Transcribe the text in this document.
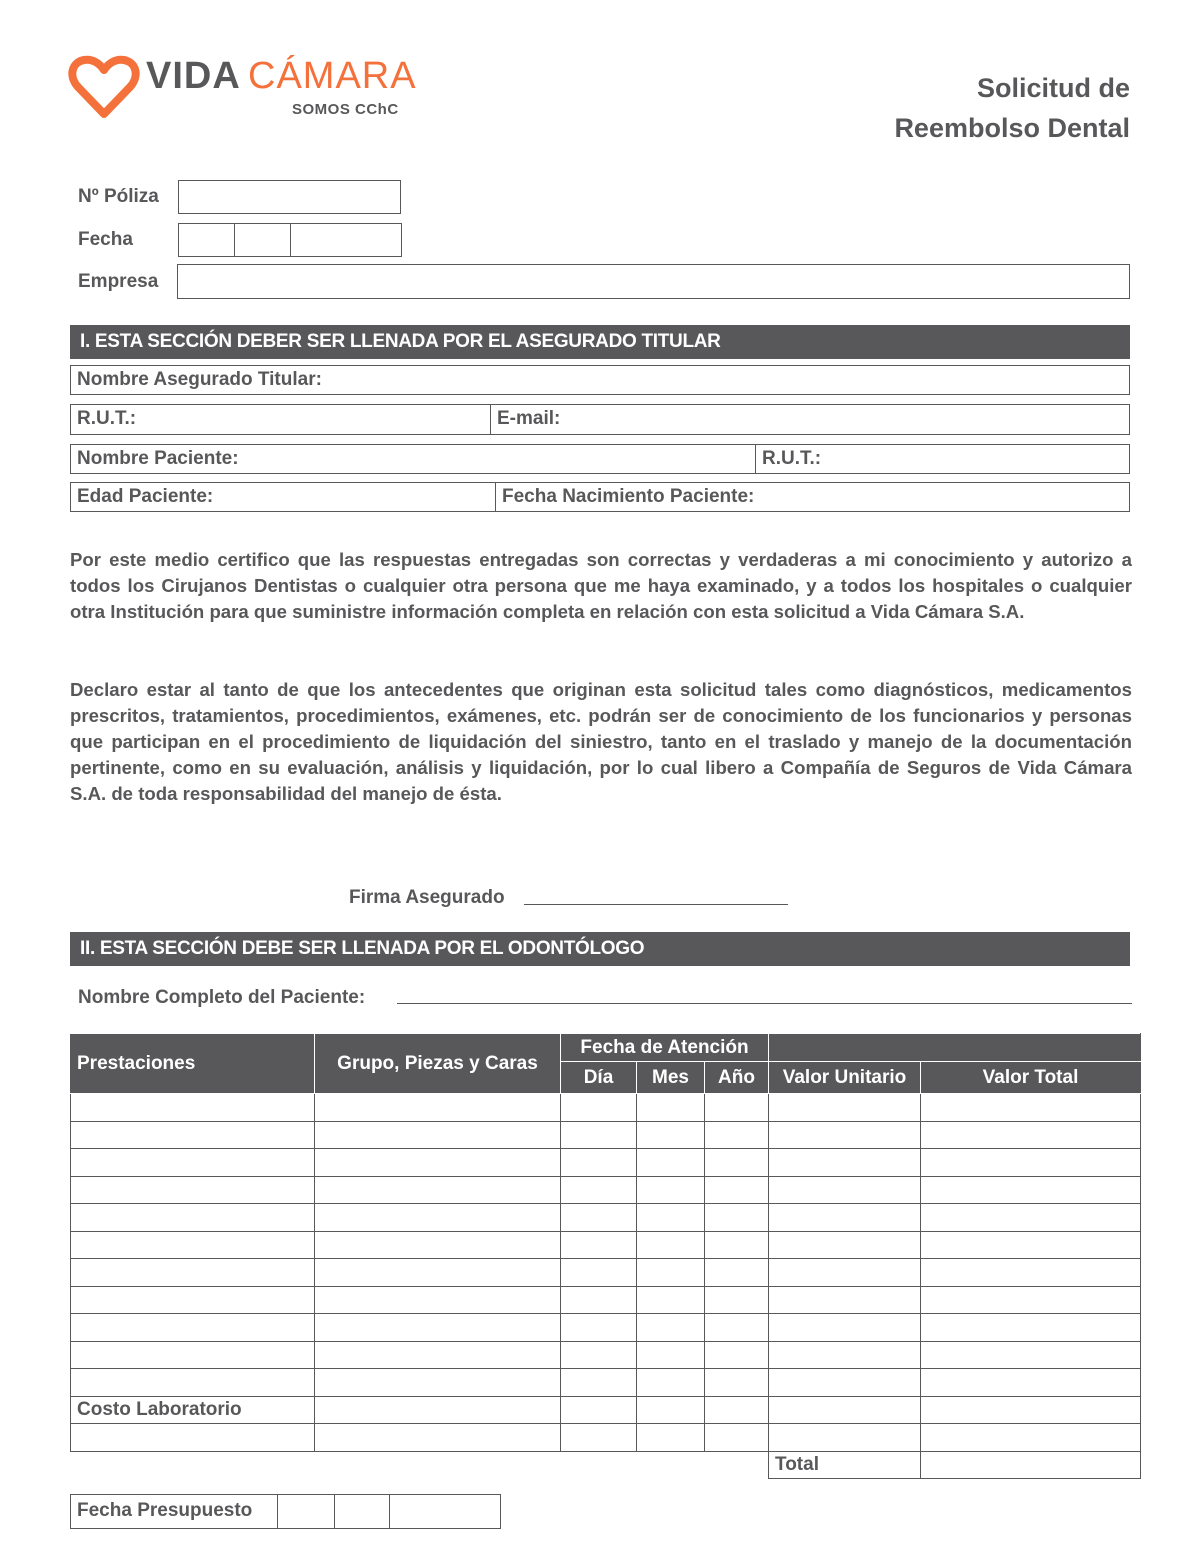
VIDA CÁMARA
SOMOS CChC
Solicitud de
Reembolso Dental
Nº Póliza
Fecha
Empresa
I. ESTA SECCIÓN DEBER SER LLENADA POR EL ASEGURADO TITULAR
Nombre Asegurado Titular:
R.U.T.:	E-mail:
Nombre Paciente:	R.U.T.:
Edad Paciente:	Fecha Nacimiento Paciente:
Por este medio certifico que las respuestas entregadas son correctas y verdaderas a mi conocimiento y autorizo a todos los Cirujanos Dentistas o cualquier otra persona que me haya examinado, y a todos los hospitales o cualquier otra Institución para que suministre información completa en relación con esta solicitud a Vida Cámara S.A.
Declaro estar al tanto de que los antecedentes que originan esta solicitud tales como diagnósticos, medicamentos prescritos, tratamientos, procedimientos, exámenes, etc. podrán ser de conocimiento de los funcionarios y personas que participan en el procedimiento de liquidación del siniestro, tanto en el traslado y manejo de la documentación pertinente, como en su evaluación, análisis y liquidación, por lo cual libero a Compañía de Seguros de Vida Cámara S.A. de toda responsabilidad del manejo de ésta.
Firma Asegurado
II. ESTA SECCIÓN DEBE SER LLENADA POR EL ODONTÓLOGO
Nombre Completo del Paciente:
Prestaciones	Grupo, Piezas y Caras	Fecha de Atención				
		Día	Mes	Año	Valor Unitario	Valor Total

Costo Laboratorio						

					Total	
Fecha Presupuesto
